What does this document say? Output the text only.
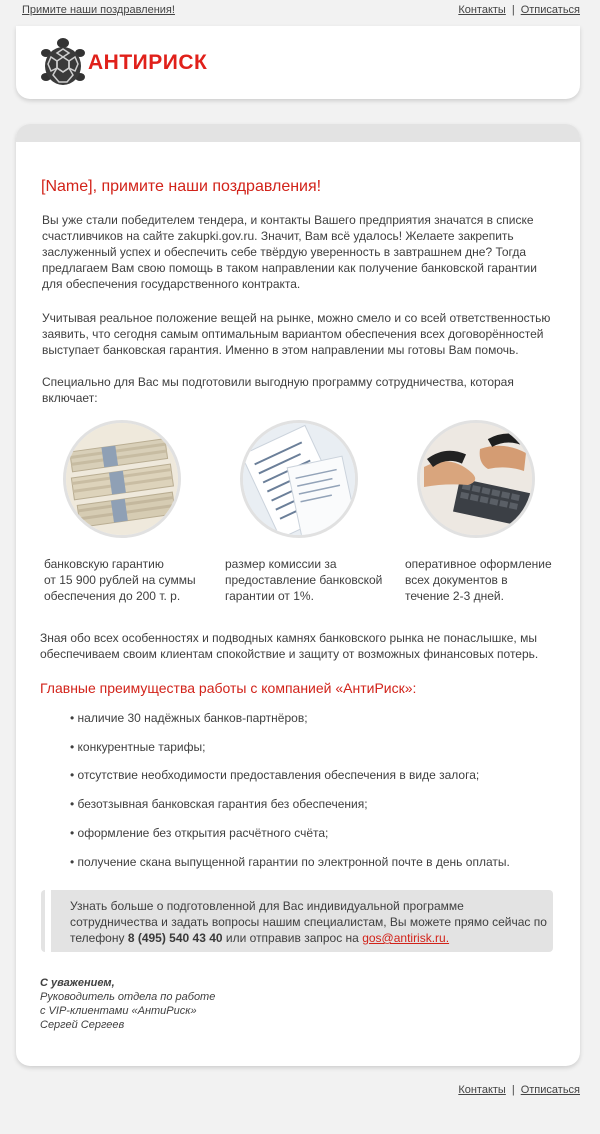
Примите наши поздравления!	Контакты | Отписаться
АНТИРИСК
[Name], примите наши поздравления!
Вы уже стали победителем тендера, и контакты Вашего предприятия значатся в списке счастливчиков на сайте zakupki.gov.ru. Значит, Вам всё удалось! Желаете закрепить заслуженный успех и обеспечить себе твёрдую уверенность в завтрашнем дне? Тогда предлагаем Вам свою помощь в таком направлении как получение банковской гарантии для обеспечения государственного контракта.
Учитывая реальное положение вещей на рынке, можно смело и со всей ответственностью заявить, что сегодня самым оптимальным вариантом обеспечения всех договорённостей выступает банковская гарантия. Именно в этом направлении мы готовы Вам помочь.
Специально для Вас мы подготовили выгодную программу сотрудничества, которая включает:
банковскую гарантию
от 15 900 рублей на суммы
обеспечения до 200 т. р.
размер комиссии за
предоставление банковской
гарантии от 1%.
оперативное оформление
всех документов в
течение 2-3 дней.
Зная обо всех особенностях и подводных камнях банковского рынка не понаслышке, мы обеспечиваем своим клиентам спокойствие и защиту от возможных финансовых потерь.
Главные преимущества работы с компанией «АнтиРиск»:
• наличие 30 надёжных банков-партнёров;
• конкурентные тарифы;
• отсутствие необходимости предоставления обеспечения в виде залога;
• безотзывная банковская гарантия без обеспечения;
• оформление без открытия расчётного счёта;
• получение скана выпущенной гарантии по электронной почте в день оплаты.
Узнать больше о подготовленной для Вас индивидуальной программе сотрудничества и задать вопросы нашим специалистам, Вы можете прямо сейчас по телефону 8 (495) 540 43 40 или отправив запрос на gos@antirisk.ru.
С уважением,
Руководитель отдела по работе
с VIP-клиентами «АнтиРиск»
Сергей Сергеев
Контакты | Отписаться
